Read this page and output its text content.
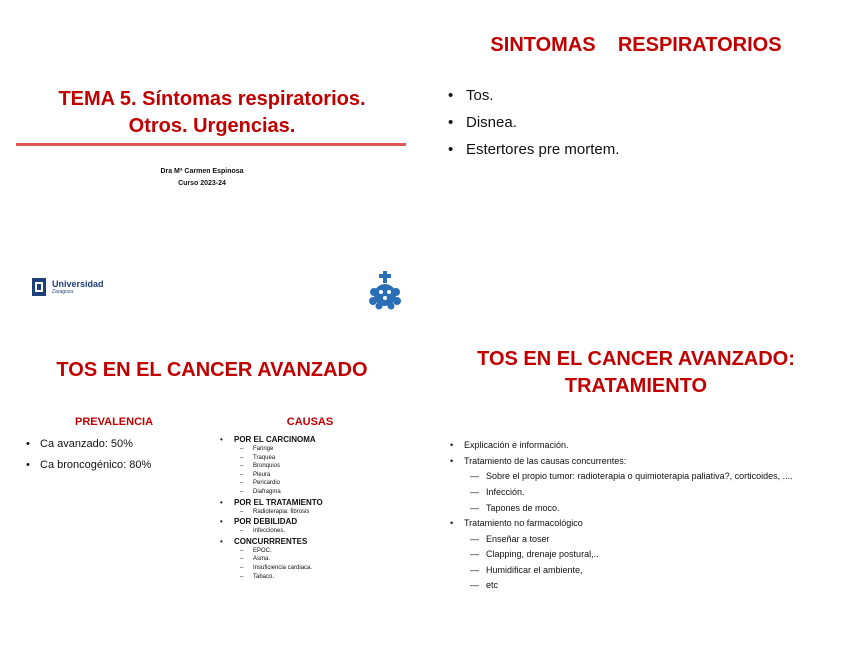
TEMA 5. Síntomas respiratorios.
Otros. Urgencias.
Dra Mª Carmen Espinosa
Curso 2023-24
Universidad
Zaragoza
SINTOMAS    RESPIRATORIOS
• Tos.
• Disnea.
• Estertores pre mortem.
TOS EN EL CANCER AVANZADO
PREVALENCIA
• Ca avanzado: 50%
• Ca broncogénico: 80%
CAUSAS
• POR EL CARCINOMA
– Faringe
– Traquea
– Bronquios
– Pleura
– Pericardio
– Diafragma
• POR EL TRATAMIENTO
– Radioterapia: fibrosis
• POR DEBILIDAD
– Infecciones.
• CONCURRRENTES
– EPOC.
– Asma.
– Insuficiencia cardiaca.
– Tabaco.
TOS EN EL CANCER AVANZADO:
TRATAMIENTO
• Explicación e información.
• Tratamiento de las causas concurrentes:
— Sobre el propio tumor: radioterapia o quimioterapia paliativa?, corticoides, ....
— Infección.
— Tapones de moco.
• Tratamiento no farmacológico
— Enseñar a toser
— Clapping, drenaje postural,..
— Humidificar el ambiente,
— etc
